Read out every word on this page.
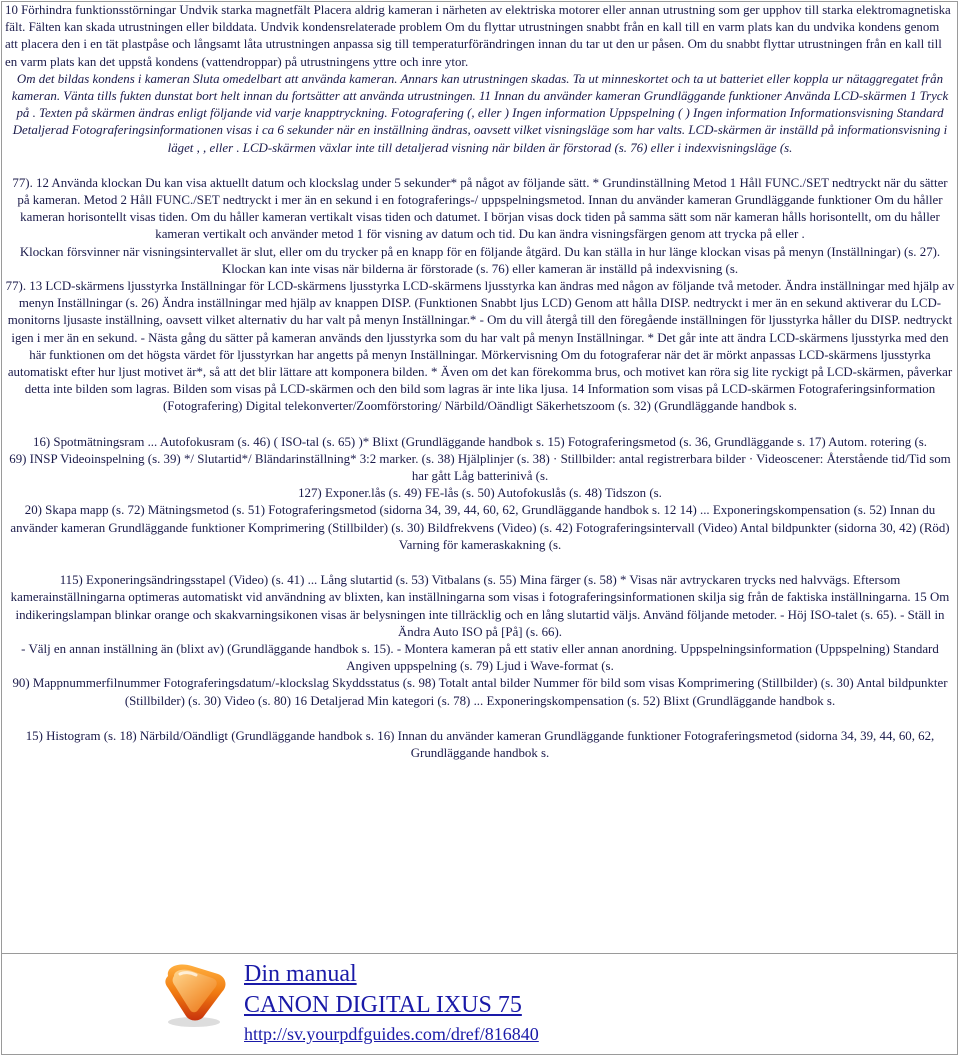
10 Förhindra funktionsstörningar Undvik starka magnetfält Placera aldrig kameran i närheten av elektriska motorer eller annan utrustning som ger upphov till starka elektromagnetiska fält. Fälten kan skada utrustningen eller bilddata. Undvik kondensrelaterade problem Om du flyttar utrustningen snabbt från en kall till en varm plats kan du undvika kondens genom att placera den i en tät plastpåse och långsamt låta utrustningen anpassa sig till temperaturförändringen innan du tar ut den ur påsen. Om du snabbt flyttar utrustningen från en kall till en varm plats kan det uppstå kondens (vattendroppar) på utrustningens yttre och inre ytor.

Om det bildas kondens i kameran Sluta omedelbart att använda kameran. Annars kan utrustningen skadas. Ta ut minneskortet och ta ut batteriet eller koppla ur nätaggregatet från kameran. Vänta tills fukten dunstat bort helt innan du fortsätter att använda utrustningen. 11 Innan du använder kameran Grundläggande funktioner Använda LCD-skärmen 1 Tryck på . Texten på skärmen ändras enligt följande vid varje knapptryckning. Fotografering (, eller ) Ingen information Uppspelning ( ) Ingen information Informationsvisning Standard Detaljerad Fotograferingsinformationen visas i ca 6 sekunder när en inställning ändras, oavsett vilket visningsläge som har valts. LCD-skärmen är inställd på informationsvisning i läget , , eller . LCD-skärmen växlar inte till detaljerad visning när bilden är förstorad (s. 76) eller i indexvisningsläge (s.

77). 12 Använda klockan Du kan visa aktuellt datum och klockslag under 5 sekunder* på något av följande sätt. * Grundinställning Metod 1 Håll FUNC./SET nedtryckt när du sätter på kameran. Metod 2 Håll FUNC./SET nedtryckt i mer än en sekund i en fotograferings-/ uppspelningsmetod. Innan du använder kameran Grundläggande funktioner Om du håller kameran horisontellt visas tiden. Om du håller kameran vertikalt visas tiden och datumet. I början visas dock tiden på samma sätt som när kameran hålls horisontellt, om du håller kameran vertikalt och använder metod 1 för visning av datum och tid. Du kan ändra visningsfärgen genom att trycka på eller .

Klockan försvinner när visningsintervallet är slut, eller om du trycker på en knapp för en följande åtgärd. Du kan ställa in hur länge klockan visas på menyn (Inställningar) (s. 27). Klockan kan inte visas när bilderna är förstorade (s. 76) eller kameran är inställd på indexvisning (s.

77). 13 LCD-skärmens ljusstyrka Inställningar för LCD-skärmens ljusstyrka LCD-skärmens ljusstyrka kan ändras med någon av följande två metoder. Ändra inställningar med hjälp av menyn Inställningar (s. 26) Ändra inställningar med hjälp av knappen DISP. (Funktionen Snabbt ljus LCD) Genom att hålla DISP. nedtryckt i mer än en sekund aktiverar du LCD-monitorns ljusaste inställning, oavsett vilket alternativ du har valt på menyn Inställningar.* - Om du vill återgå till den föregående inställningen för ljusstyrka håller du DISP. nedtryckt igen i mer än en sekund. - Nästa gång du sätter på kameran används den ljusstyrka som du har valt på menyn Inställningar. * Det går inte att ändra LCD-skärmens ljusstyrka med den här funktionen om det högsta värdet för ljusstyrkan har angetts på menyn Inställningar. Mörkervisning Om du fotograferar när det är mörkt anpassas LCD-skärmens ljusstyrka automatiskt efter hur ljust motivet är*, så att det blir lättare att komponera bilden. * Även om det kan förekomma brus, och motivet kan röra sig lite ryckigt på LCD-skärmen, påverkar detta inte bilden som lagras. Bilden som visas på LCD-skärmen och den bild som lagras är inte lika ljusa. 14 Information som visas på LCD-skärmen Fotograferingsinformation (Fotografering) Digital telekonverter/Zoomförstoring/ Närbild/Oändligt Säkerhetszoom (s. 32) (Grundläggande handbok s.

16) Spotmätningsram ... Autofokusram (s. 46) ( ISO-tal (s. 65) )* Blixt (Grundläggande handbok s. 15) Fotograferingsmetod (s. 36, Grundläggande s. 17) Autom. rotering (s.

69) INSP Videoinspelning (s. 39) */ Slutartid*/ Bländarinställning* 3:2 marker. (s. 38) Hjälplinjer (s. 38) · Stillbilder: antal registrerbara bilder · Videoscener: Återstående tid/Tid som har gått Låg batterinivå (s.

127) Exponer.lås (s. 49) FE-lås (s. 50) Autofokuslås (s. 48) Tidszon (s.

20) Skapa mapp (s. 72) Mätningsmetod (s. 51) Fotograferingsmetod (sidorna 34, 39, 44, 60, 62, Grundläggande handbok s. 12 14) ... Exponeringskompensation (s. 52) Innan du använder kameran Grundläggande funktioner Komprimering (Stillbilder) (s. 30) Bildfrekvens (Video) (s. 42) Fotograferingsintervall (Video) Antal bildpunkter (sidorna 30, 42) (Röd) Varning för kameraskakning (s.

115) Exponeringsändringsstapel (Video) (s. 41) ... Lång slutartid (s. 53) Vitbalans (s. 55) Mina färger (s. 58) * Visas när avtryckaren trycks ned halvvägs. Eftersom kamerainställningarna optimeras automatiskt vid användning av blixten, kan inställningarna som visas i fotograferingsinformationen skilja sig från de faktiska inställningarna. 15 Om indikeringslampan blinkar orange och skakvarningsikonen visas är belysningen inte tillräcklig och en lång slutartid väljs. Använd följande metoder. - Höj ISO-talet (s. 65). - Ställ in Ändra Auto ISO på [På] (s. 66).

- Välj en annan inställning än (blixt av) (Grundläggande handbok s. 15). - Montera kameran på ett stativ eller annan anordning. Uppspelningsinformation (Uppspelning) Standard Angiven uppspelning (s. 79) Ljud i Wave-format (s.

90) Mappnummerfilnummer Fotograferingsdatum/-klockslag Skyddsstatus (s. 98) Totalt antal bilder Nummer för bild som visas Komprimering (Stillbilder) (s. 30) Antal bildpunkter (Stillbilder) (s. 30) Video (s. 80) 16 Detaljerad Min kategori (s. 78) ... Exponeringskompensation (s. 52) Blixt (Grundläggande handbok s.

15) Histogram (s. 18) Närbild/Oändligt (Grundläggande handbok s. 16) Innan du använder kameran Grundläggande funktioner Fotograferingsmetod (sidorna 34, 39, 44, 60, 62, Grundläggande handbok s.

Din manual
CANON DIGITAL IXUS 75
http://sv.yourpdfguides.com/dref/816840
